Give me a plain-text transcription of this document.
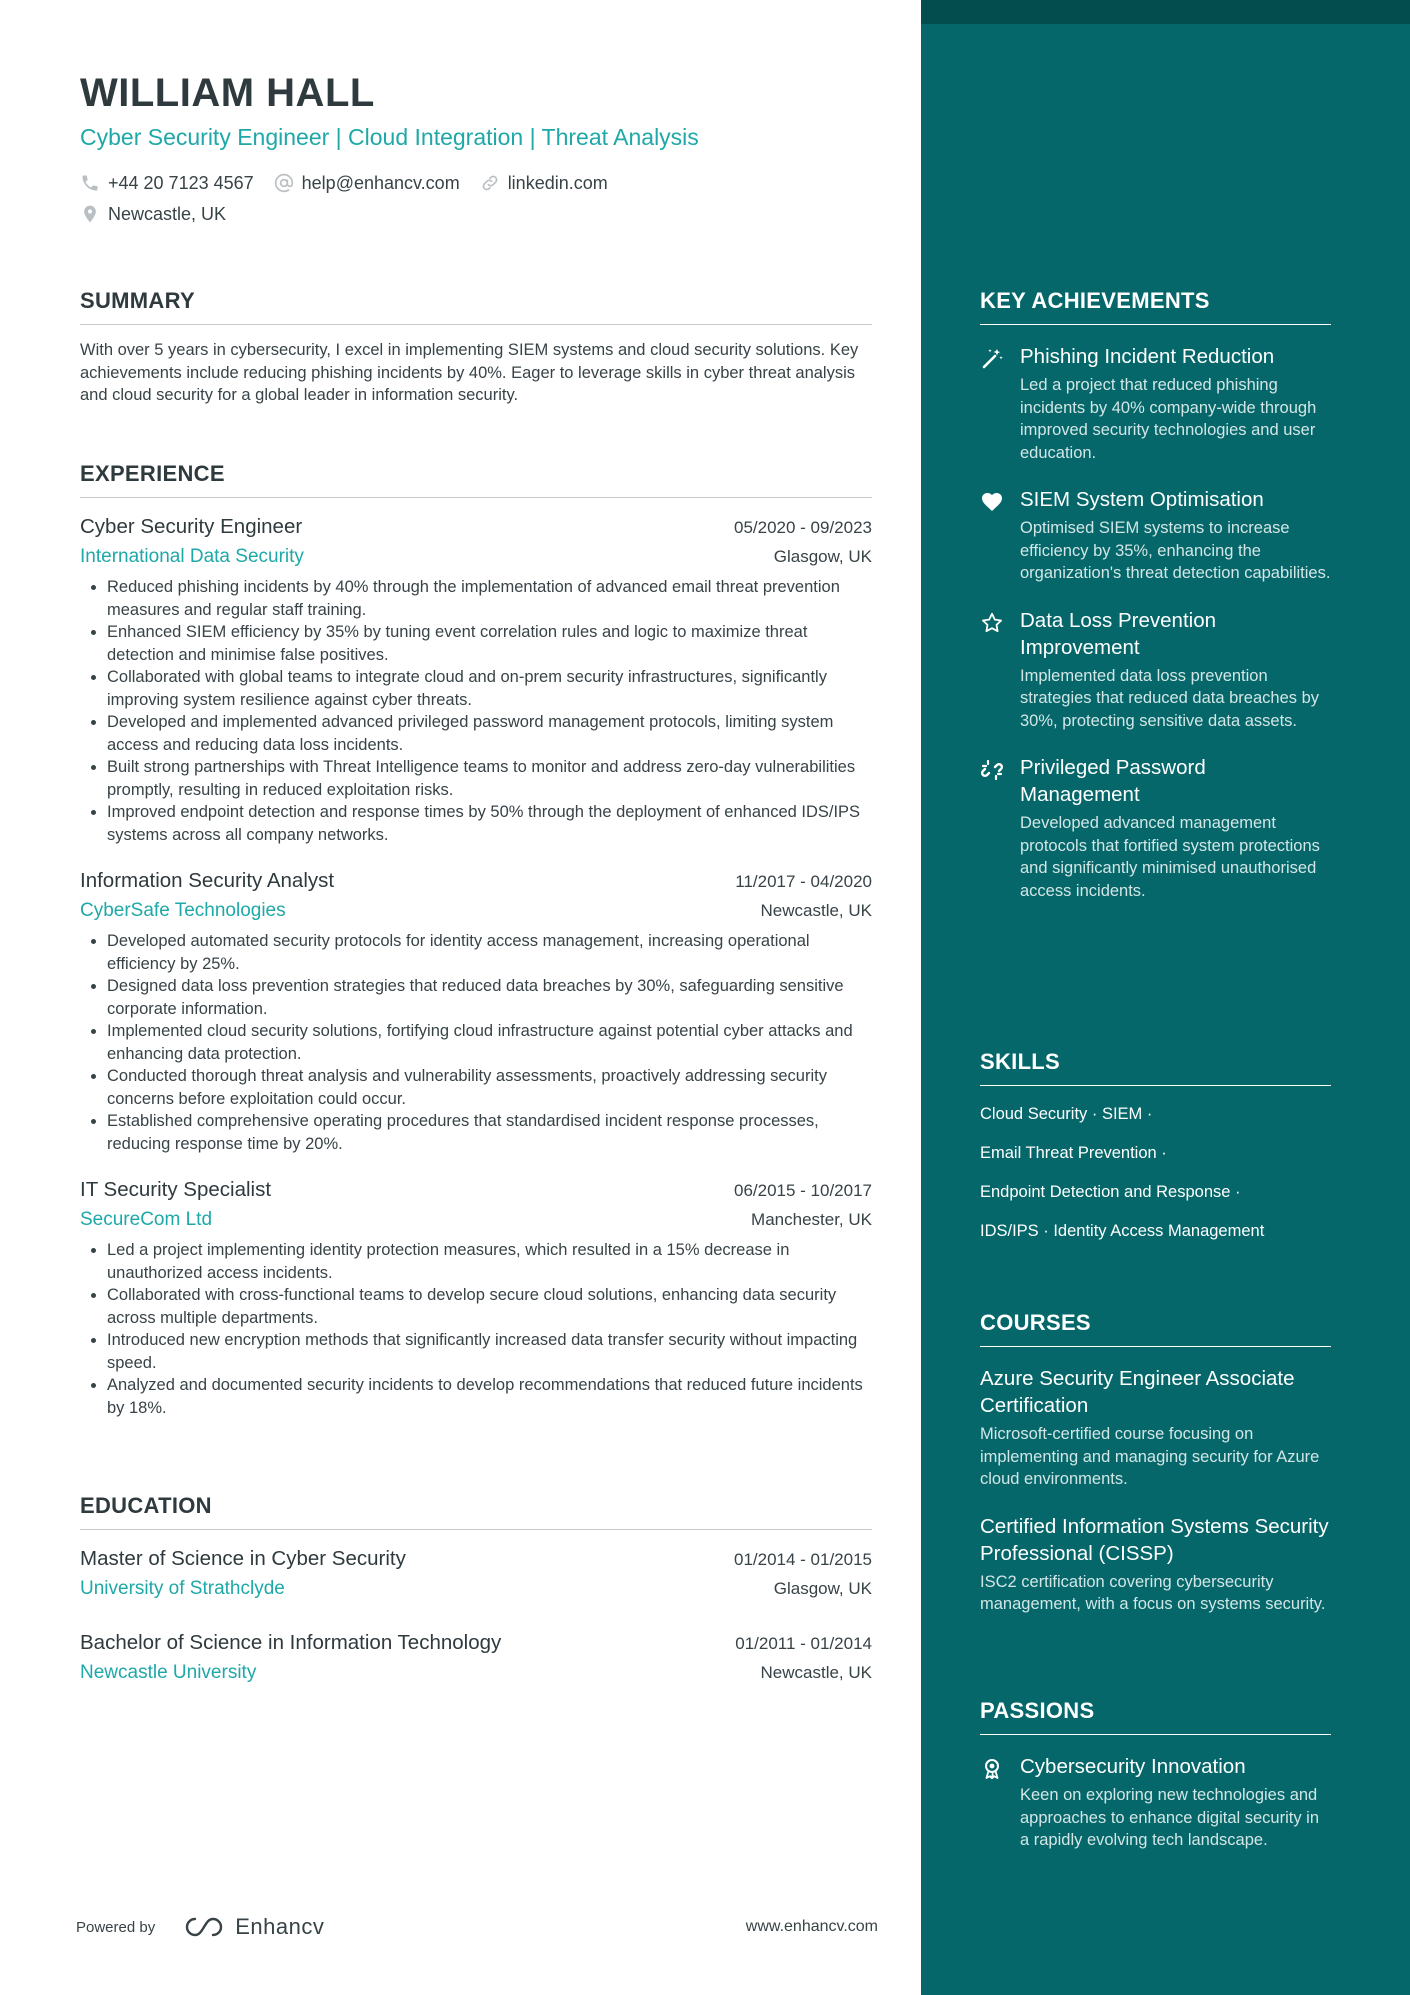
WILLIAM HALL
Cyber Security Engineer | Cloud Integration | Threat Analysis
+44 20 7123 4567	help@enhancv.com	linkedin.com
Newcastle, UK
SUMMARY
With over 5 years in cybersecurity, I excel in implementing SIEM systems and cloud security solutions. Key achievements include reducing phishing incidents by 40%. Eager to leverage skills in cyber threat analysis and cloud security for a global leader in information security.
EXPERIENCE
Cyber Security Engineer	05/2020 - 09/2023
International Data Security	Glasgow, UK
• Reduced phishing incidents by 40% through the implementation of advanced email threat prevention measures and regular staff training.
• Enhanced SIEM efficiency by 35% by tuning event correlation rules and logic to maximize threat detection and minimise false positives.
• Collaborated with global teams to integrate cloud and on-prem security infrastructures, significantly improving system resilience against cyber threats.
• Developed and implemented advanced privileged password management protocols, limiting system access and reducing data loss incidents.
• Built strong partnerships with Threat Intelligence teams to monitor and address zero-day vulnerabilities promptly, resulting in reduced exploitation risks.
• Improved endpoint detection and response times by 50% through the deployment of enhanced IDS/IPS systems across all company networks.
Information Security Analyst	11/2017 - 04/2020
CyberSafe Technologies	Newcastle, UK
• Developed automated security protocols for identity access management, increasing operational efficiency by 25%.
• Designed data loss prevention strategies that reduced data breaches by 30%, safeguarding sensitive corporate information.
• Implemented cloud security solutions, fortifying cloud infrastructure against potential cyber attacks and enhancing data protection.
• Conducted thorough threat analysis and vulnerability assessments, proactively addressing security concerns before exploitation could occur.
• Established comprehensive operating procedures that standardised incident response processes, reducing response time by 20%.
IT Security Specialist	06/2015 - 10/2017
SecureCom Ltd	Manchester, UK
• Led a project implementing identity protection measures, which resulted in a 15% decrease in unauthorized access incidents.
• Collaborated with cross-functional teams to develop secure cloud solutions, enhancing data security across multiple departments.
• Introduced new encryption methods that significantly increased data transfer security without impacting speed.
• Analyzed and documented security incidents to develop recommendations that reduced future incidents by 18%.
EDUCATION
Master of Science in Cyber Security	01/2014 - 01/2015
University of Strathclyde	Glasgow, UK
Bachelor of Science in Information Technology	01/2011 - 01/2014
Newcastle University	Newcastle, UK
Powered by	Enhancv	www.enhancv.com
KEY ACHIEVEMENTS
Phishing Incident Reduction
Led a project that reduced phishing incidents by 40% company-wide through improved security technologies and user education.
SIEM System Optimisation
Optimised SIEM systems to increase efficiency by 35%, enhancing the organization's threat detection capabilities.
Data Loss Prevention Improvement
Implemented data loss prevention strategies that reduced data breaches by 30%, protecting sensitive data assets.
Privileged Password Management
Developed advanced management protocols that fortified system protections and significantly minimised unauthorised access incidents.
SKILLS
Cloud Security · SIEM ·
Email Threat Prevention ·
Endpoint Detection and Response ·
IDS/IPS · Identity Access Management
COURSES
Azure Security Engineer Associate Certification
Microsoft-certified course focusing on implementing and managing security for Azure cloud environments.
Certified Information Systems Security Professional (CISSP)
ISC2 certification covering cybersecurity management, with a focus on systems security.
PASSIONS
Cybersecurity Innovation
Keen on exploring new technologies and approaches to enhance digital security in a rapidly evolving tech landscape.
